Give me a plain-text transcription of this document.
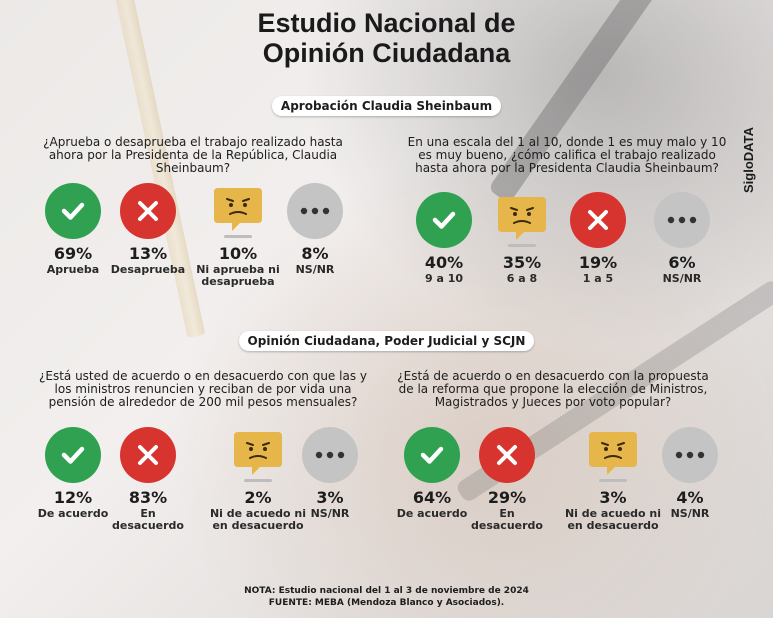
Estudio Nacional de
Opinión Ciudadana
SigloDATA
Aprobación Claudia Sheinbaum

¿Aprueba o desaprueba el trabajo realizado hasta ahora por la Presidenta de la República, Claudia Sheinbaum?

69%
Aprueba
13%
Desaprueba
10%
Ni aprueba ni desaprueba
8%
NS/NR

En una escala del 1 al 10, donde 1 es muy malo y 10 es muy bueno, ¿cómo califica el trabajo realizado hasta ahora por la Presidenta Claudia Sheinbaum?

40%
9 a 10
35%
6 a 8
19%
1 a 5
6%
NS/NR
Opinión Ciudadana, Poder Judicial y SCJN

¿Está usted de acuerdo o en desacuerdo con que las y los ministros renuncien y reciban de por vida una pensión de alrededor de 200 mil pesos mensuales?

12%
De acuerdo
83%
En desacuerdo
2%
Ni de acuedo ni en desacuerdo
3%
NS/NR

¿Está de acuerdo o en desacuerdo con la propuesta de la reforma que propone la elección de Ministros, Magistrados y Jueces por voto popular?

64%
De acuerdo
29%
En desacuerdo
3%
Ni de acuedo ni en desacuerdo
4%
NS/NR
NOTA: Estudio nacional del 1 al 3 de noviembre de 2024
FUENTE: MEBA (Mendoza Blanco y Asociados).
